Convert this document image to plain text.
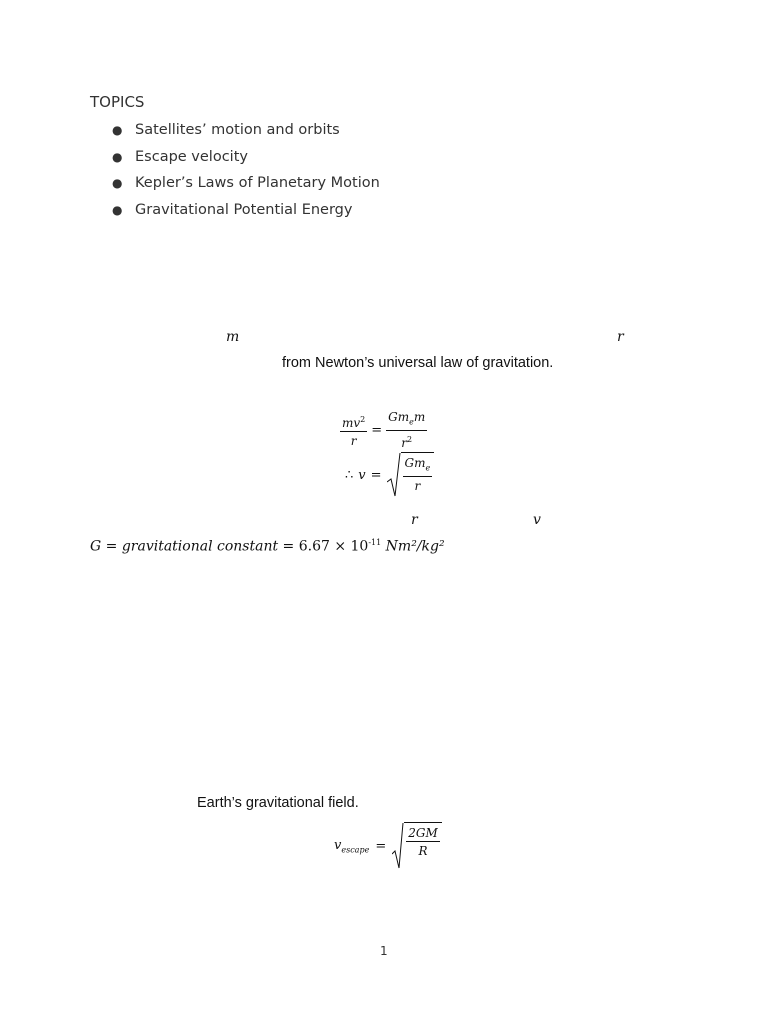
TOPICS
● Satellites’ motion and orbits
● Escape velocity
● Kepler’s Laws of Planetary Motion
● Gravitational Potential Energy
m	r
from Newton’s universal law of gravitation.
$\frac{mv^2}{r} = \frac{Gm_em}{r^2}$
∴ $v = \frac{Gm_e}{r}$
r	v
G = gravitational constant = $6.67 \times 10^{-11}$ Nm²/kg²
Earth’s gravitational field.
$v_{escape} = \frac{2GM}{R}$
1
